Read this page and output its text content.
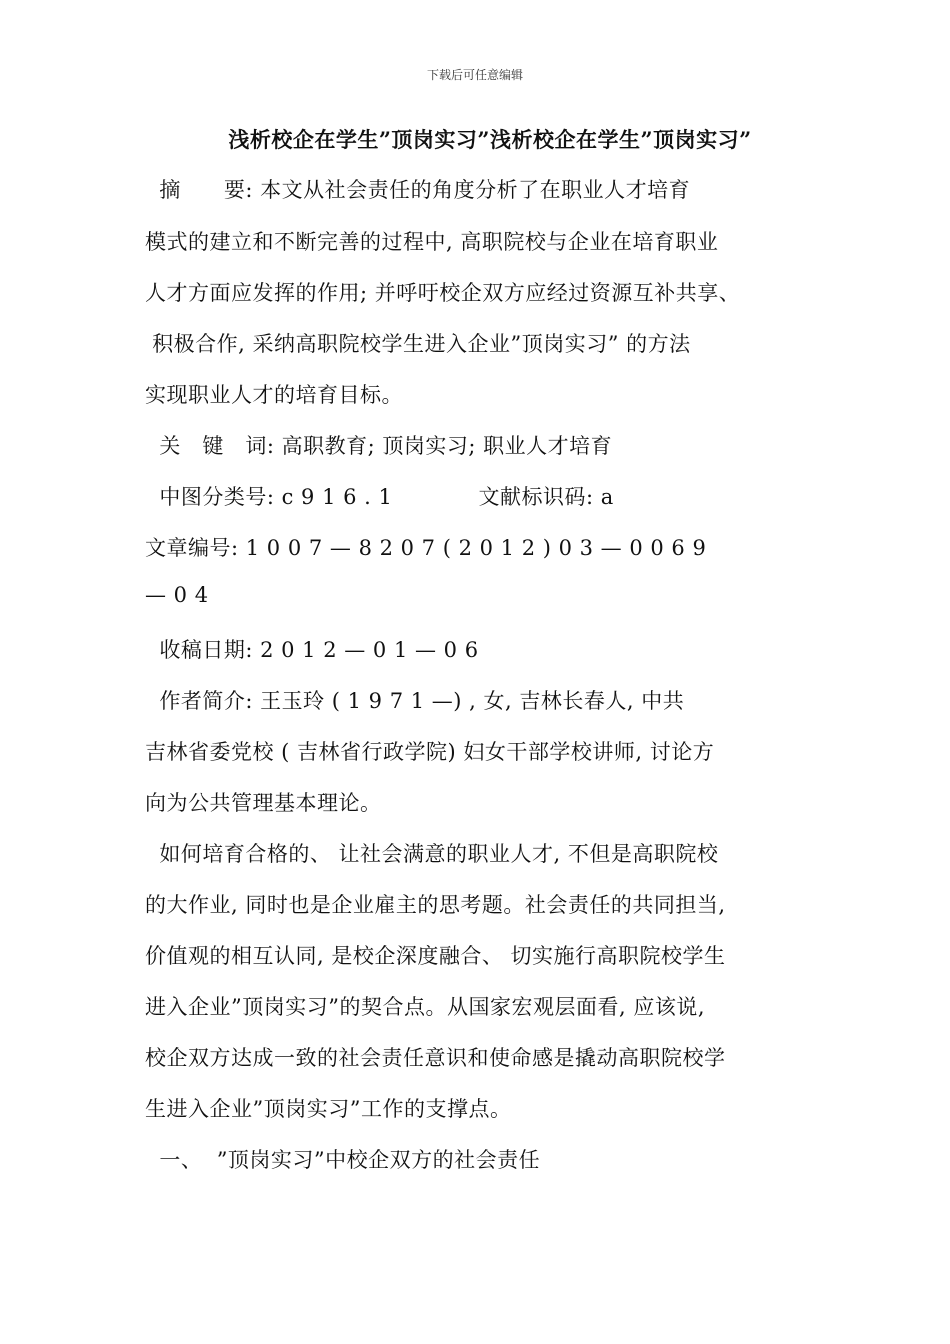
下载后可任意编辑
浅析校企在学生”顶岗实习”浅析校企在学生”顶岗实习”
摘      要: 本文从社会责任的角度分析了在职业人才培育
模式的建立和不断完善的过程中, 高职院校与企业在培育职业
人才方面应发挥的作用; 并呼吁校企双方应经过资源互补共享、
积极合作, 采纳高职院校学生进入企业”顶岗实习” 的方法
实现职业人才的培育目标。
关   键   词: 高职教育; 顶岗实习; 职业人才培育
中图分类号: c 9 1 6 . 1            文献标识码: a
文章编号: 1 0 0 7 — 8 2 0 7 ( 2 0 1 2 ) 0 3 — 0 0 6 9
— 0 4
收稿日期: 2 0 1 2 — 0 1 — 0 6
作者简介: 王玉玲 ( 1 9 7 1 —) , 女, 吉林长春人, 中共
吉林省委党校 ( 吉林省行政学院) 妇女干部学校讲师, 讨论方
向为公共管理基本理论。
如何培育合格的、 让社会满意的职业人才, 不但是高职院校
的大作业, 同时也是企业雇主的思考题。社会责任的共同担当,
价值观的相互认同, 是校企深度融合、 切实施行高职院校学生
进入企业”顶岗实习”的契合点。从国家宏观层面看, 应该说,
校企双方达成一致的社会责任意识和使命感是撬动高职院校学
生进入企业”顶岗实习”工作的支撑点。
一、  ”顶岗实习”中校企双方的社会责任
